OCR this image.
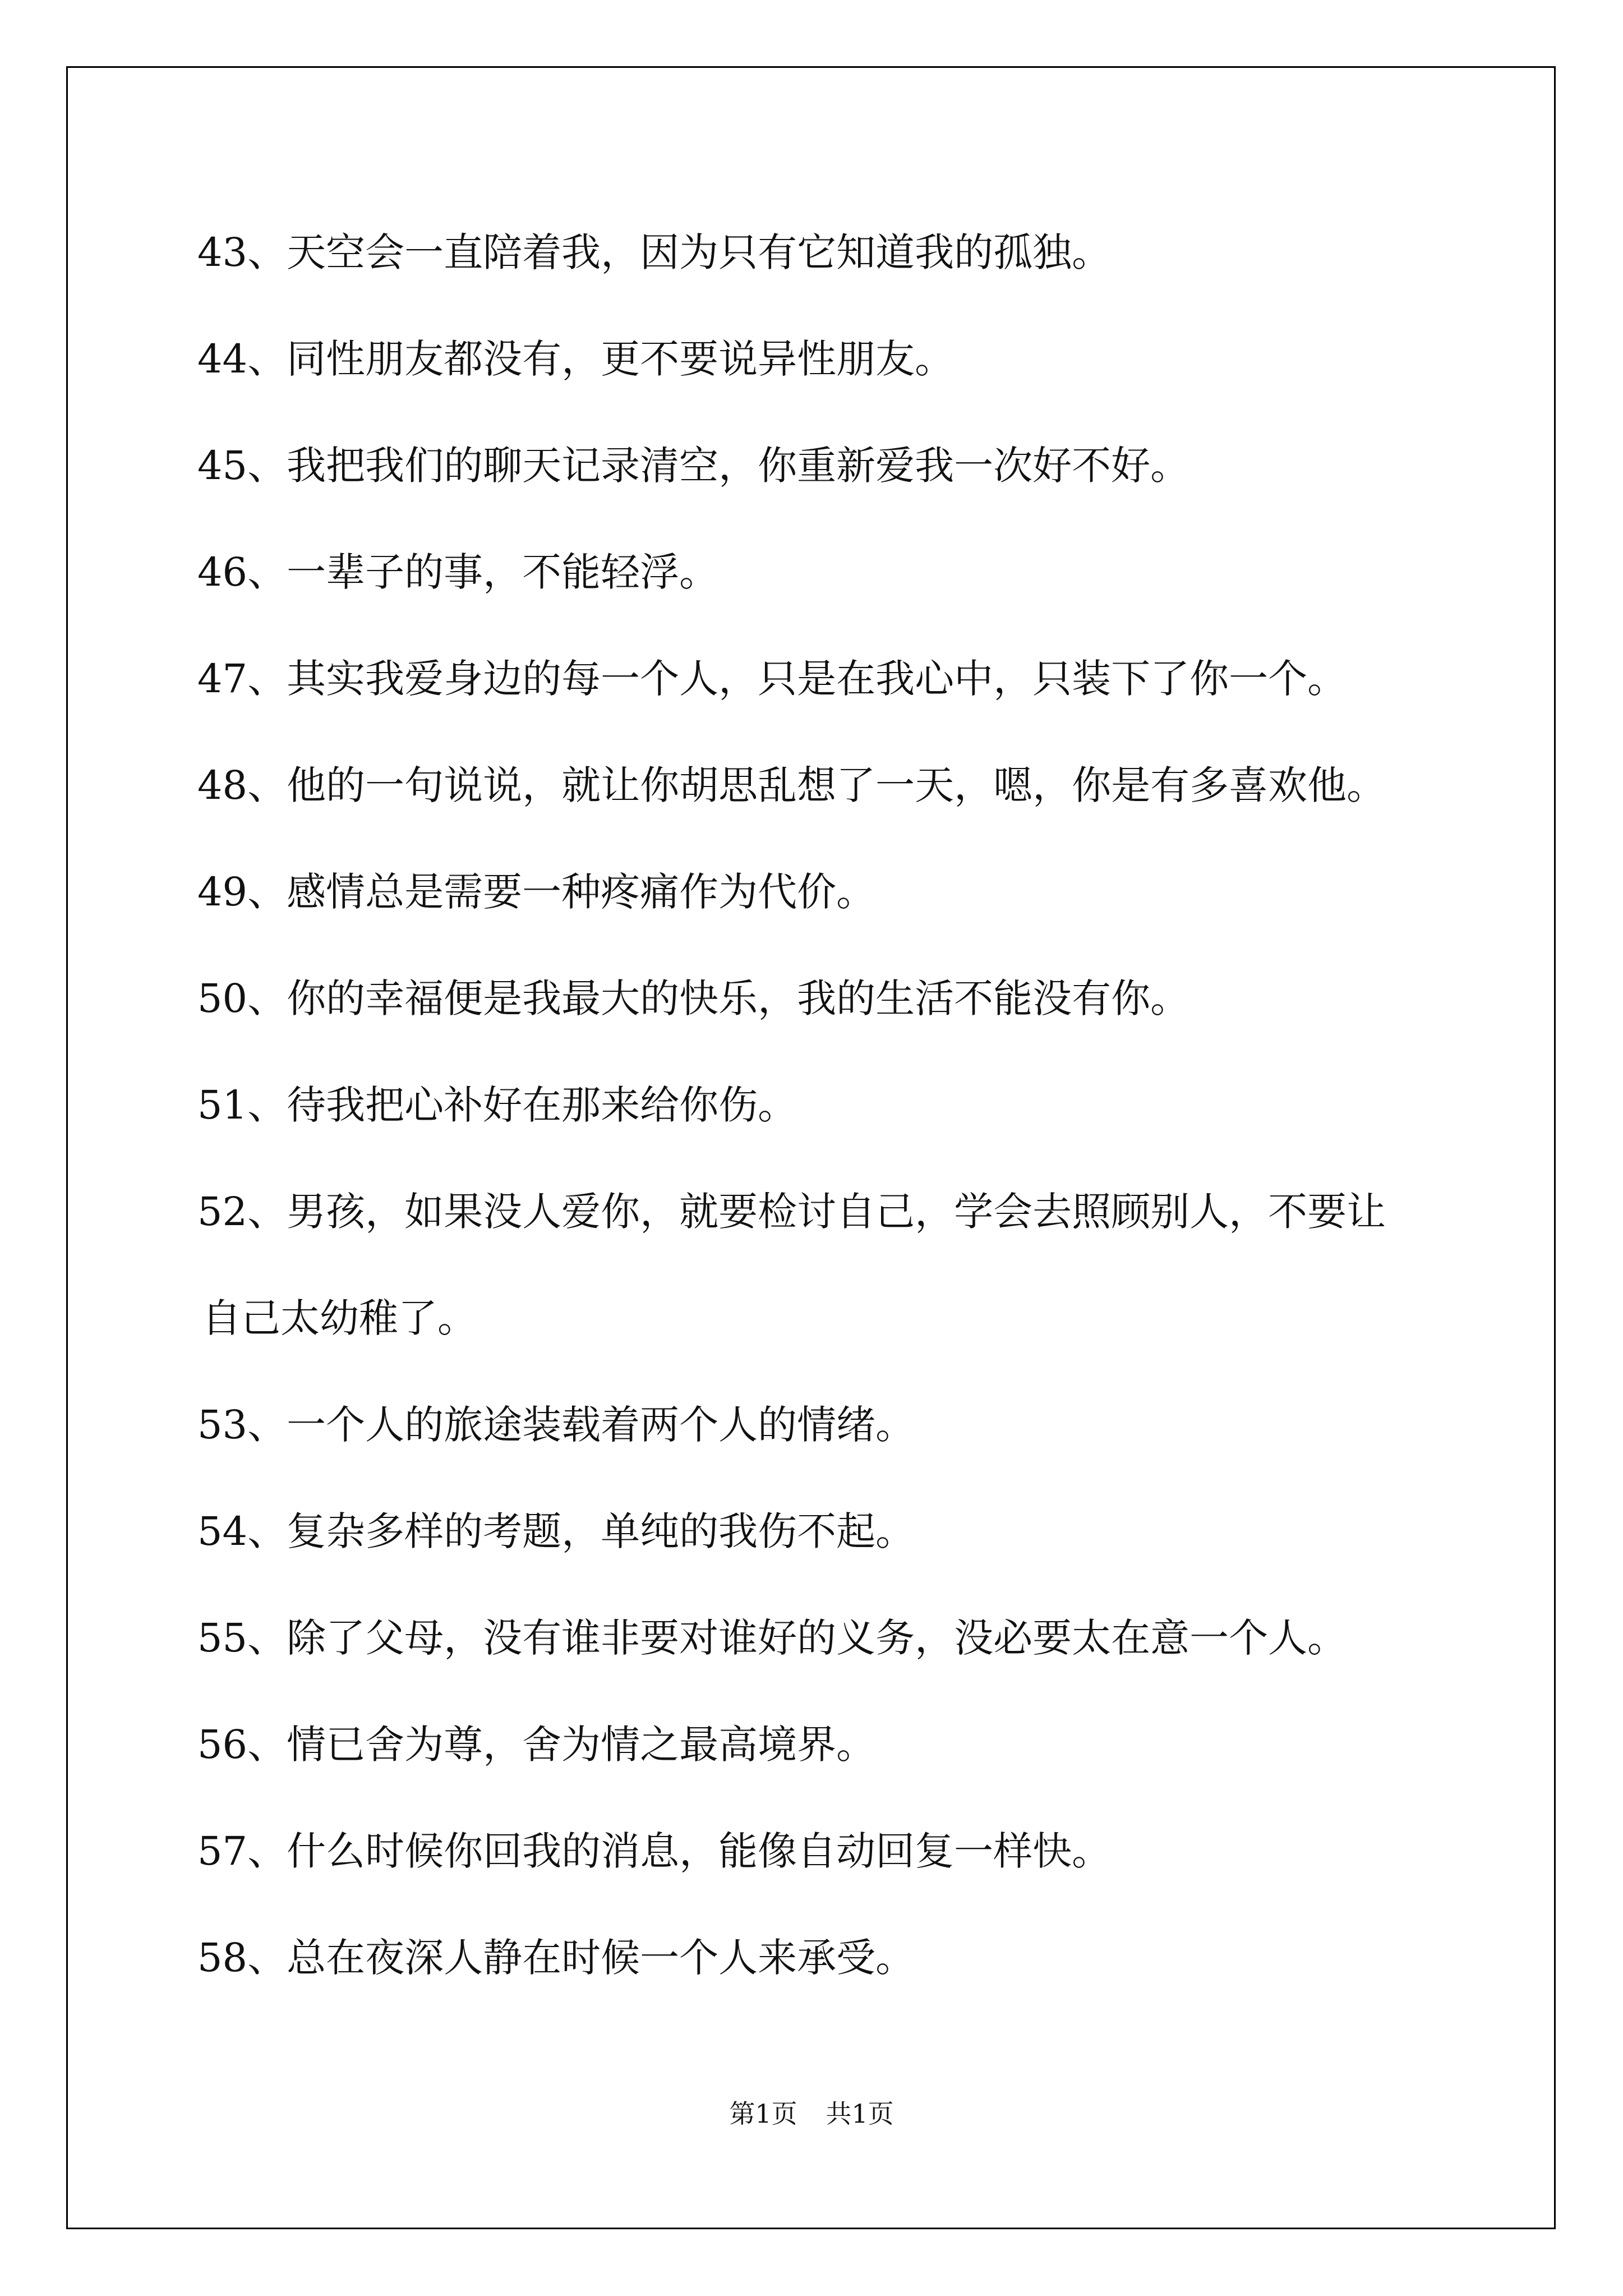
43、天空会一直陪着我，因为只有它知道我的孤独。

44、同性朋友都没有，更不要说异性朋友。

45、我把我们的聊天记录清空，你重新爱我一次好不好。

46、一辈子的事，不能轻浮。

47、其实我爱身边的每一个人，只是在我心中，只装下了你一个。

48、他的一句说说，就让你胡思乱想了一天，嗯，你是有多喜欢他。

49、感情总是需要一种疼痛作为代价。

50、你的幸福便是我最大的快乐，我的生活不能没有你。

51、待我把心补好在那来给你伤。

52、男孩，如果没人爱你，就要检讨自己，学会去照顾别人，不要让

自己太幼稚了。

53、一个人的旅途装载着两个人的情绪。

54、复杂多样的考题，单纯的我伤不起。

55、除了父母，没有谁非要对谁好的义务，没必要太在意一个人。

56、情已舍为尊，舍为情之最高境界。

57、什么时候你回我的消息，能像自动回复一样快。

58、总在夜深人静在时候一个人来承受。

第1页 共1页
